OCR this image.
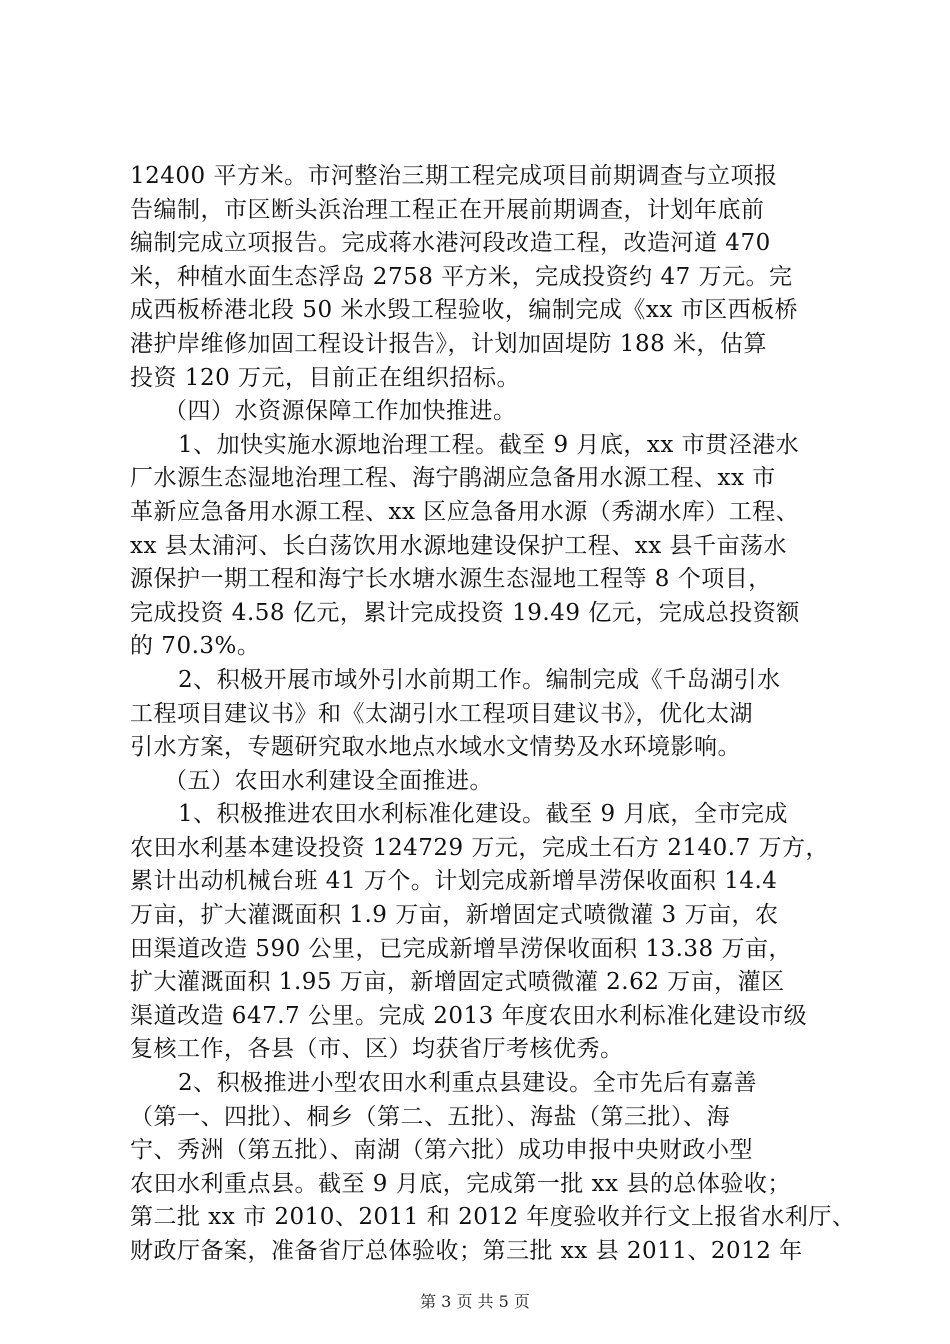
12400 平方米。市河整治三期工程完成项目前期调查与立项报
告编制，市区断头浜治理工程正在开展前期调查，计划年底前
编制完成立项报告。完成蒋水港河段改造工程，改造河道 470
米，种植水面生态浮岛 2758 平方米，完成投资约 47 万元。完
成西板桥港北段 50 米水毁工程验收，编制完成《xx 市区西板桥
港护岸维修加固工程设计报告》，计划加固堤防 188 米，估算
投资 120 万元，目前正在组织招标。
（四）水资源保障工作加快推进。
1、加快实施水源地治理工程。截至 9 月底，xx 市贯泾港水
厂水源生态湿地治理工程、海宁鹃湖应急备用水源工程、xx 市
革新应急备用水源工程、xx 区应急备用水源（秀湖水库）工程、
xx 县太浦河、长白荡饮用水源地建设保护工程、xx 县千亩荡水
源保护一期工程和海宁长水塘水源生态湿地工程等 8 个项目，
完成投资 4.58 亿元，累计完成投资 19.49 亿元，完成总投资额
的 70.3%。
2、积极开展市域外引水前期工作。编制完成《千岛湖引水
工程项目建议书》和《太湖引水工程项目建议书》，优化太湖
引水方案，专题研究取水地点水域水文情势及水环境影响。
（五）农田水利建设全面推进。
1、积极推进农田水利标准化建设。截至 9 月底，全市完成
农田水利基本建设投资 124729 万元，完成土石方 2140.7 万方，
累计出动机械台班 41 万个。计划完成新增旱涝保收面积 14.4
万亩，扩大灌溉面积 1.9 万亩，新增固定式喷微灌 3 万亩，农
田渠道改造 590 公里，已完成新增旱涝保收面积 13.38 万亩，
扩大灌溉面积 1.95 万亩，新增固定式喷微灌 2.62 万亩，灌区
渠道改造 647.7 公里。完成 2013 年度农田水利标准化建设市级
复核工作，各县（市、区）均获省厅考核优秀。
2、积极推进小型农田水利重点县建设。全市先后有嘉善
（第一、四批）、桐乡（第二、五批）、海盐（第三批）、海
宁、秀洲（第五批）、南湖（第六批）成功申报中央财政小型
农田水利重点县。截至 9 月底，完成第一批 xx 县的总体验收；
第二批 xx 市 2010、2011 和 2012 年度验收并行文上报省水利厅、
财政厅备案，准备省厅总体验收；第三批 xx 县 2011、2012 年
第 3 页 共 5 页
